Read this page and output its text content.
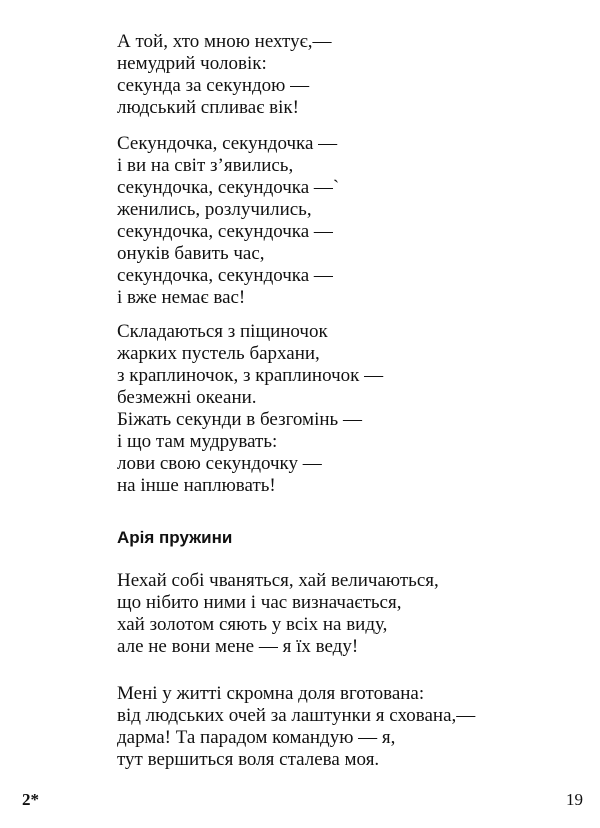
А той, хто мною нехтує,—
немудрий чоловік:
секунда за секундою —
людський спливає вік!
Секундочка, секундочка —
і ви на світ з’явились,
секундочка, секундочка —`
женились, розлучились,
секундочка, секундочка —
онуків бавить час,
секундочка, секундочка —
і вже немає вас!
Складаються з піщиночок
жарких пустель бархани,
з краплиночок, з краплиночок —
безмежні океани.
Біжать секунди в безгомінь —
і що там мудрувать:
лови свою секундочку —
на інше наплювать!
Арія пружини
Нехай собі чваняться, хай величаються,
що нібито ними і час визначається,
хай золотом сяють у всіх на виду,
але не вони мене — я їх веду!
Мені у житті скромна доля вготована:
від людських очей за лаштунки я схована,—
дарма! Та парадом командую — я,
тут вершиться воля сталева моя.
2*	19
